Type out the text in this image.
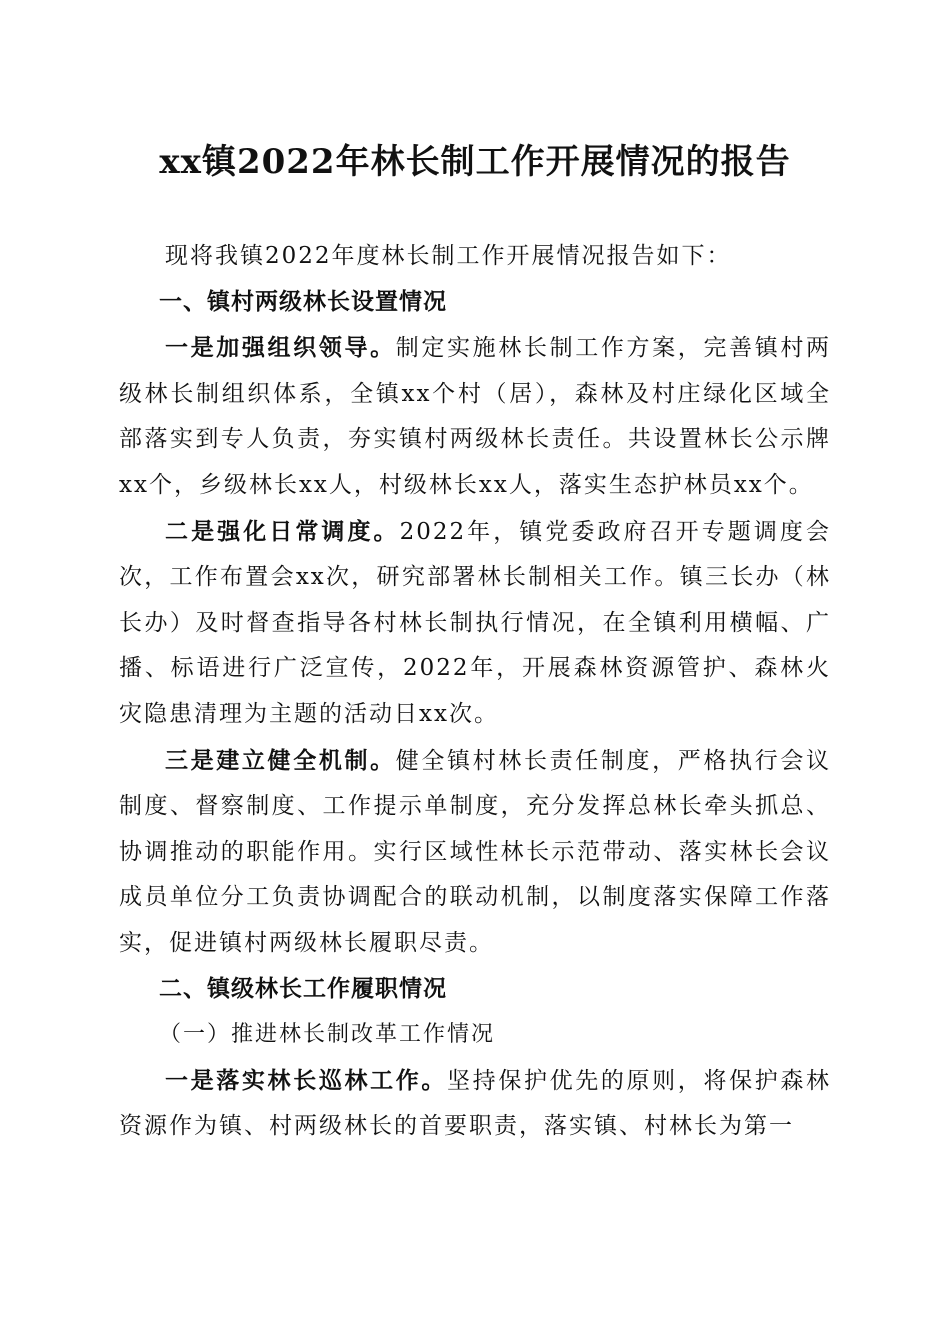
xx镇2022年林长制工作开展情况的报告

现将我镇2022年度林长制工作开展情况报告如下：

一、镇村两级林长设置情况

一是加强组织领导。制定实施林长制工作方案，完善镇村两级林长制组织体系，全镇xx个村（居），森林及村庄绿化区域全部落实到专人负责，夯实镇村两级林长责任。共设置林长公示牌xx个，乡级林长xx人，村级林长xx人，落实生态护林员xx个。

二是强化日常调度。2022年，镇党委政府召开专题调度会次，工作布置会xx次，研究部署林长制相关工作。镇三长办（林长办）及时督查指导各村林长制执行情况，在全镇利用横幅、广播、标语进行广泛宣传，2022年，开展森林资源管护、森林火灾隐患清理为主题的活动日xx次。

三是建立健全机制。健全镇村林长责任制度，严格执行会议制度、督察制度、工作提示单制度，充分发挥总林长牵头抓总、协调推动的职能作用。实行区域性林长示范带动、落实林长会议成员单位分工负责协调配合的联动机制，以制度落实保障工作落实，促进镇村两级林长履职尽责。

二、镇级林长工作履职情况

（一）推进林长制改革工作情况

一是落实林长巡林工作。坚持保护优先的原则，将保护森林资源作为镇、村两级林长的首要职责，落实镇、村林长为第一
